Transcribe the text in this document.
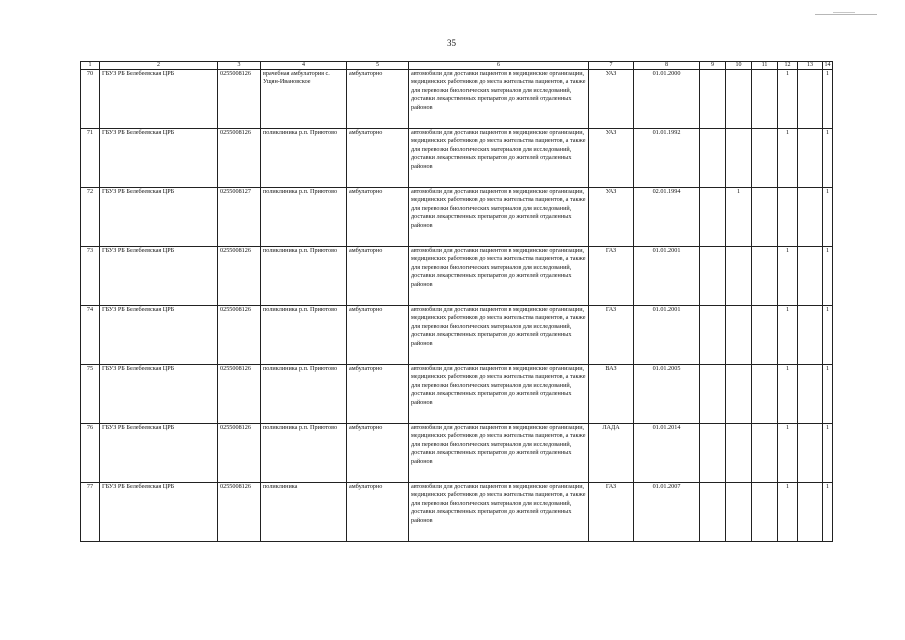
35
1	2	3	4	5	6	7	8	9	10	11	12	13	14
70	ГБУЗ РБ Белебеевская ЦРБ	0255008126	врачебная амбулатория с. Ущян-Ивановское	амбулаторно	автомобили для доставки пациентов в медицинские организации, медицинских работников до места жительства пациентов, а также для перевозки биологических материалов для исследований, доставки лекарственных препаратов до жителей отдаленных районов	УАЗ	01.01.2000				1		1
71	ГБУЗ РБ Белебеевская ЦРБ	0255008126	поликлиника р.п. Приютово	амбулаторно	автомобили для доставки пациентов в медицинские организации, медицинских работников до места жительства пациентов, а также для перевозки биологических материалов для исследований, доставки лекарственных препаратов до жителей отдаленных районов	УАЗ	01.01.1992				1		1
72	ГБУЗ РБ Белебеевская ЦРБ	0255008127	поликлиника р.п. Приютово	амбулаторно	автомобили для доставки пациентов в медицинские организации, медицинских работников до места жительства пациентов, а также для перевозки биологических материалов для исследований, доставки лекарственных препаратов до жителей отдаленных районов	УАЗ	02.01.1994		1				1
73	ГБУЗ РБ Белебеевская ЦРБ	0255008126	поликлиника р.п. Приютово	амбулаторно	автомобили для доставки пациентов в медицинские организации, медицинских работников до места жительства пациентов, а также для перевозки биологических материалов для исследований, доставки лекарственных препаратов до жителей отдаленных районов	ГАЗ	01.01.2001				1		1
74	ГБУЗ РБ Белебеевская ЦРБ	0255008126	поликлиника р.п. Приютово	амбулаторно	автомобили для доставки пациентов в медицинские организации, медицинских работников до места жительства пациентов, а также для перевозки биологических материалов для исследований, доставки лекарственных препаратов до жителей отдаленных районов	ГАЗ	01.01.2001				1		1
75	ГБУЗ РБ Белебеевская ЦРБ	0255008126	поликлиника р.п. Приютово	амбулаторно	автомобили для доставки пациентов в медицинские организации, медицинских работников до места жительства пациентов, а также для перевозки биологических материалов для исследований, доставки лекарственных препаратов до жителей отдаленных районов	ВАЗ	01.01.2005				1		1
76	ГБУЗ РБ Белебеевская ЦРБ	0255008126	поликлиника р.п. Приютово	амбулаторно	автомобили для доставки пациентов в медицинские организации, медицинских работников до места жительства пациентов, а также для перевозки биологических материалов для исследований, доставки лекарственных препаратов до жителей отдаленных районов	ЛАДА	01.01.2014				1		1
77	ГБУЗ РБ Белебеевская ЦРБ	0255008126	поликлиника	амбулаторно	автомобили для доставки пациентов в медицинские организации, медицинских работников до места жительства пациентов, а также для перевозки биологических материалов для исследований, доставки лекарственных препаратов до жителей отдаленных районов	ГАЗ	01.01.2007				1		1
